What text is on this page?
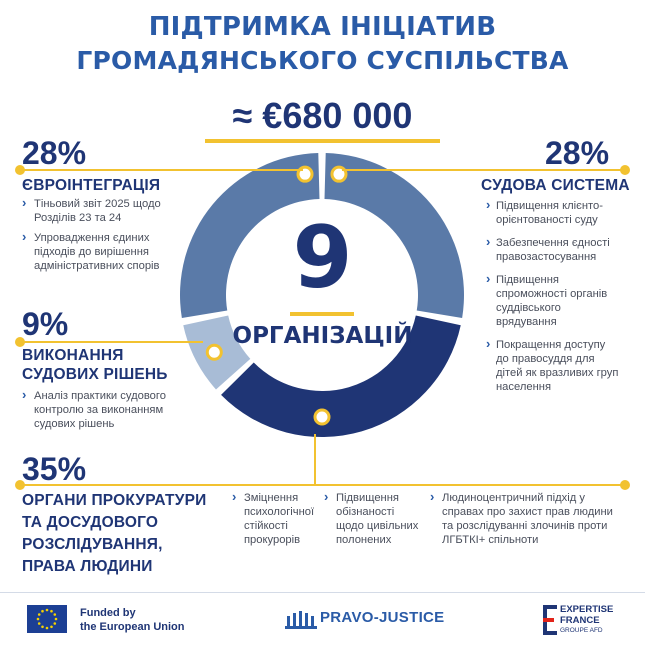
ПІДТРИМКА ІНІЦІАТИВ
ГРОМАДЯНСЬКОГО СУСПІЛЬСТВА
≈ €680 000
9
ОРГАНІЗАЦІЙ
28%
ЄВРОІНТЕГРАЦІЯ
› Тіньовий звіт 2025 щодо Розділів 23 та 24
› Упровадження єдиних підходів до вирішення адміністративних спорів
28%
СУДОВА СИСТЕМА
› Підвищення клієнто-орієнтованості суду
› Забезпечення єдності правозастосування
› Підвищення спроможності органів суддівського врядування
› Покращення доступу до правосуддя для дітей як вразливих груп населення
9%
ВИКОНАННЯ
СУДОВИХ РІШЕНЬ
› Аналіз практики судового контролю за виконанням судових рішень
35%
ОРГАНИ ПРОКУРАТУРИ
ТА ДОСУДОВОГО
РОЗСЛІДУВАННЯ,
ПРАВА ЛЮДИНИ
› Зміцнення психологічної стійкості прокурорів
› Підвищення обізнаності щодо цивільних полонених
› Людиноцентричний підхід у справах про захист прав людини та розслідуванні злочинів проти ЛГБТКІ+ спільноти
Funded by
the European Union
PRAVO-JUSTICE	EXPERTISE
FRANCE
GROUPE AFD
